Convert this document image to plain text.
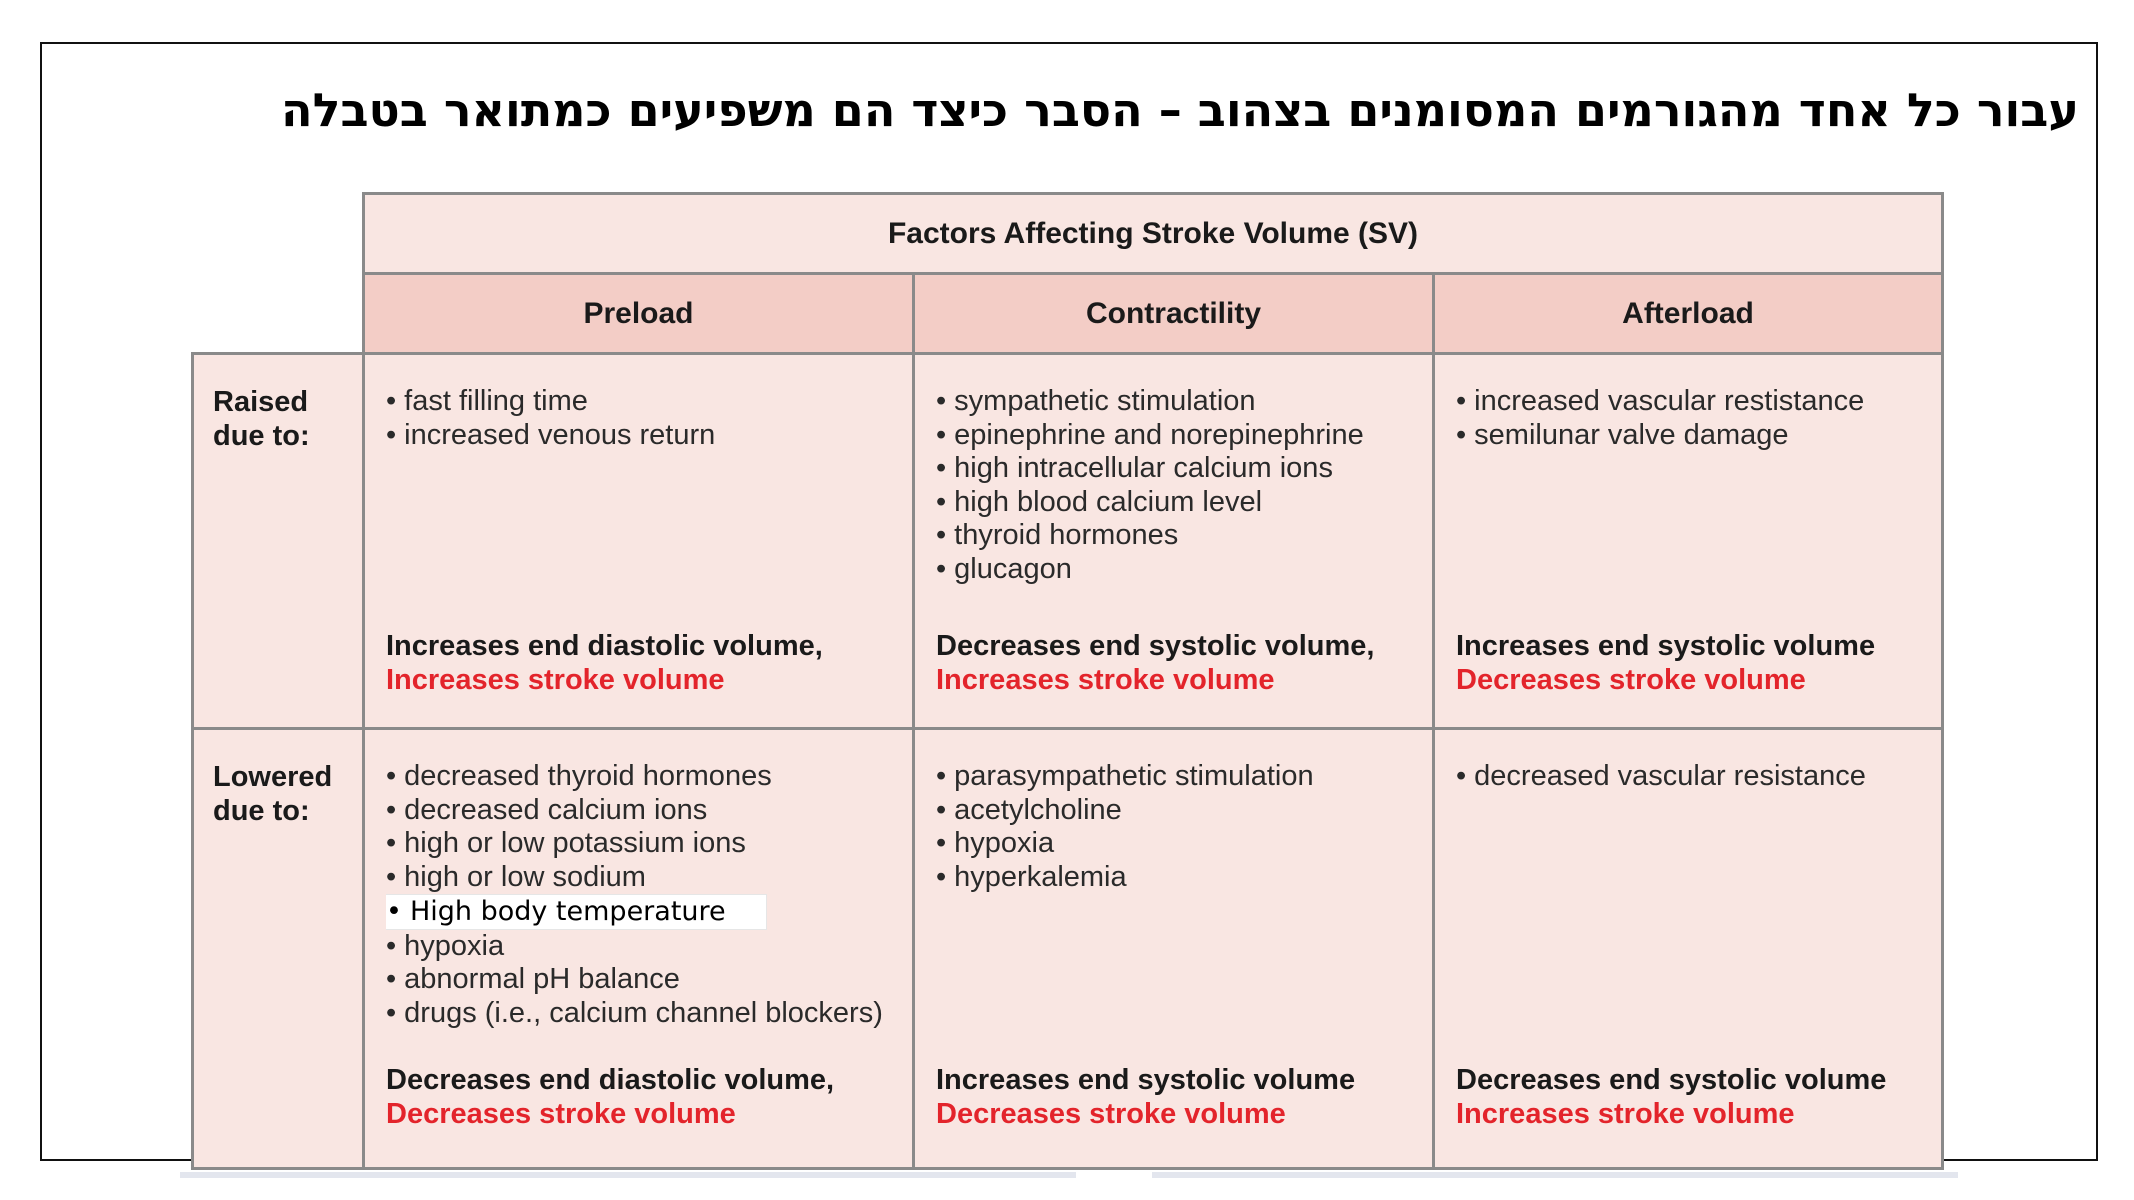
עבור כל אחד מהגורמים המסומנים בצהוב – הסבר כיצד הם משפיעים כמתואר בטבלה
Factors Affecting Stroke Volume (SV)
Preload	Contractility	Afterload
Raised
due to:
• fast filling time
• increased venous return
Increases end diastolic volume,
Increases stroke volume
• sympathetic stimulation
• epinephrine and norepinephrine
• high intracellular calcium ions
• high blood calcium level
• thyroid hormones
• glucagon
Decreases end systolic volume,
Increases stroke volume
• increased vascular restistance
• semilunar valve damage
Increases end systolic volume
Decreases stroke volume
Lowered
due to:
• decreased thyroid hormones
• decreased calcium ions
• high or low potassium ions
• high or low sodium
• High body temperature
• hypoxia
• abnormal pH balance
• drugs (i.e., calcium channel blockers)
Decreases end diastolic volume,
Decreases stroke volume
• parasympathetic stimulation
• acetylcholine
• hypoxia
• hyperkalemia
Increases end systolic volume
Decreases stroke volume
• decreased vascular resistance
Decreases end systolic volume
Increases stroke volume
